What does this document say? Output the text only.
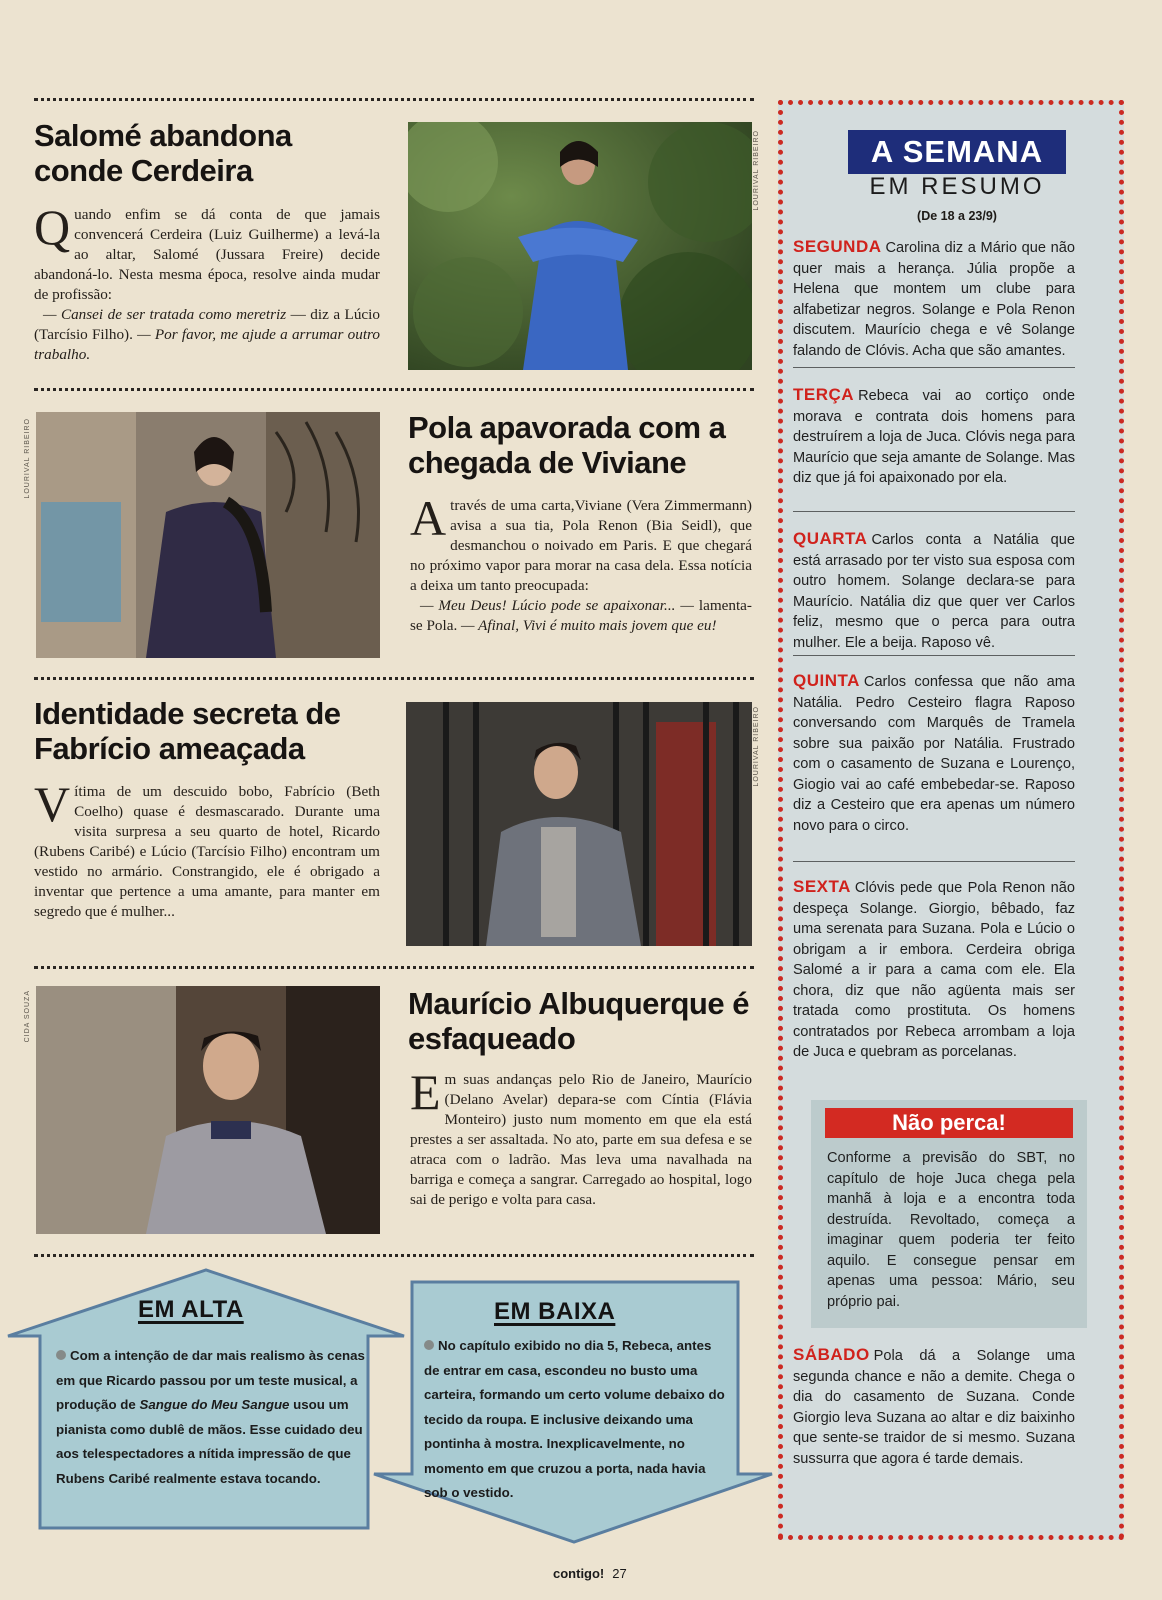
Salomé abandona conde Cerdeira
Quando enfim se dá conta de que jamais convencerá Cerdeira (Luiz Guilherme) a levá-la ao altar, Salomé (Jussara Freire) decide abandoná-lo. Nesta mesma época, resolve ainda mudar de profissão:
— Cansei de ser tratada como meretriz — diz a Lúcio (Tarcísio Filho). — Por favor, me ajude a arrumar outro trabalho.
LOURIVAL RIBEIRO
LOURIVAL RIBEIRO	Pola apavorada com a chegada de Viviane
Através de uma carta,Viviane (Vera Zimmermann) avisa a sua tia, Pola Renon (Bia Seidl), que desmanchou o noivado em Paris. E que chegará no próximo vapor para morar na casa dela. Essa notícia a deixa um tanto preocupada:
— Meu Deus! Lúcio pode se apaixonar... — lamenta-se Pola. — Afinal, Vivi é muito mais jovem que eu!
Identidade secreta de Fabrício ameaçada
Vítima de um descuido bobo, Fabrício (Beth Coelho) quase é desmascarado. Durante uma visita surpresa a seu quarto de hotel, Ricardo (Rubens Caribé) e Lúcio (Tarcísio Filho) encontram um vestido no armário. Constrangido, ele é obrigado a inventar que pertence a uma amante, para manter em segredo que é mulher...
LOURIVAL RIBEIRO
CIDA SOUZA	Maurício Albuquerque é esfaqueado
Em suas andanças pelo Rio de Janeiro, Maurício (Delano Avelar) depara-se com Cíntia (Flávia Monteiro) justo num momento em que ela está prestes a ser assaltada. No ato, parte em sua defesa e se atraca com o ladrão. Mas leva uma navalhada na barriga e começa a sangrar. Carregado ao hospital, logo sai de perigo e volta para casa.
EM ALTA
Com a intenção de dar mais realismo às cenas em que Ricardo passou por um teste musical, a produção de Sangue do Meu Sangue usou um pianista como dublê de mãos. Esse cuidado deu aos telespectadores a nítida impressão de que Rubens Caribé realmente estava tocando.
EM BAIXA
No capítulo exibido no dia 5, Rebeca, antes de entrar em casa, escondeu no busto uma carteira, formando um certo volume debaixo do tecido da roupa. E inclusive deixando uma pontinha à mostra. Inexplicavelmente, no momento em que cruzou a porta, nada havia sob o vestido.
A SEMANA
EM RESUMO
(De 18 a 23/9)
SEGUNDA Carolina diz a Mário que não quer mais a herança. Júlia propõe a Helena que montem um clube para alfabetizar negros. Solange e Pola Renon discutem. Maurício chega e vê Solange falando de Clóvis. Acha que são amantes.
TERÇA Rebeca vai ao cortiço onde morava e contrata dois homens para destruírem a loja de Juca. Clóvis nega para Maurício que seja amante de Solange. Mas diz que já foi apaixonado por ela.
QUARTA Carlos conta a Natália que está arrasado por ter visto sua esposa com outro homem. Solange declara-se para Maurício. Natália diz que quer ver Carlos feliz, mesmo que o perca para outra mulher. Ele a beija. Raposo vê.
QUINTA Carlos confessa que não ama Natália. Pedro Cesteiro flagra Raposo conversando com Marquês de Tramela sobre sua paixão por Natália. Frustrado com o casamento de Suzana e Lourenço, Giogio vai ao café embebedar-se. Raposo diz a Cesteiro que era apenas um número novo para o circo.
SEXTA Clóvis pede que Pola Renon não despeça Solange. Giorgio, bêbado, faz uma serenata para Suzana. Pola e Lúcio o obrigam a ir embora. Cerdeira obriga Salomé a ir para a cama com ele. Ela chora, diz que não agüenta mais ser tratada como prostituta. Os homens contratados por Rebeca arrombam a loja de Juca e quebram as porcelanas.
Não perca!
Conforme a previsão do SBT, no capítulo de hoje Juca chega pela manhã à loja e a encontra toda destruída. Revoltado, começa a imaginar quem poderia ter feito aquilo. E consegue pensar em apenas uma pessoa: Mário, seu próprio pai.
SÁBADO Pola dá a Solange uma segunda chance e não a demite. Chega o dia do casamento de Suzana. Conde Giorgio leva Suzana ao altar e diz baixinho que sente-se traidor de si mesmo. Suzana sussurra que agora é tarde demais.
contigo! 27
